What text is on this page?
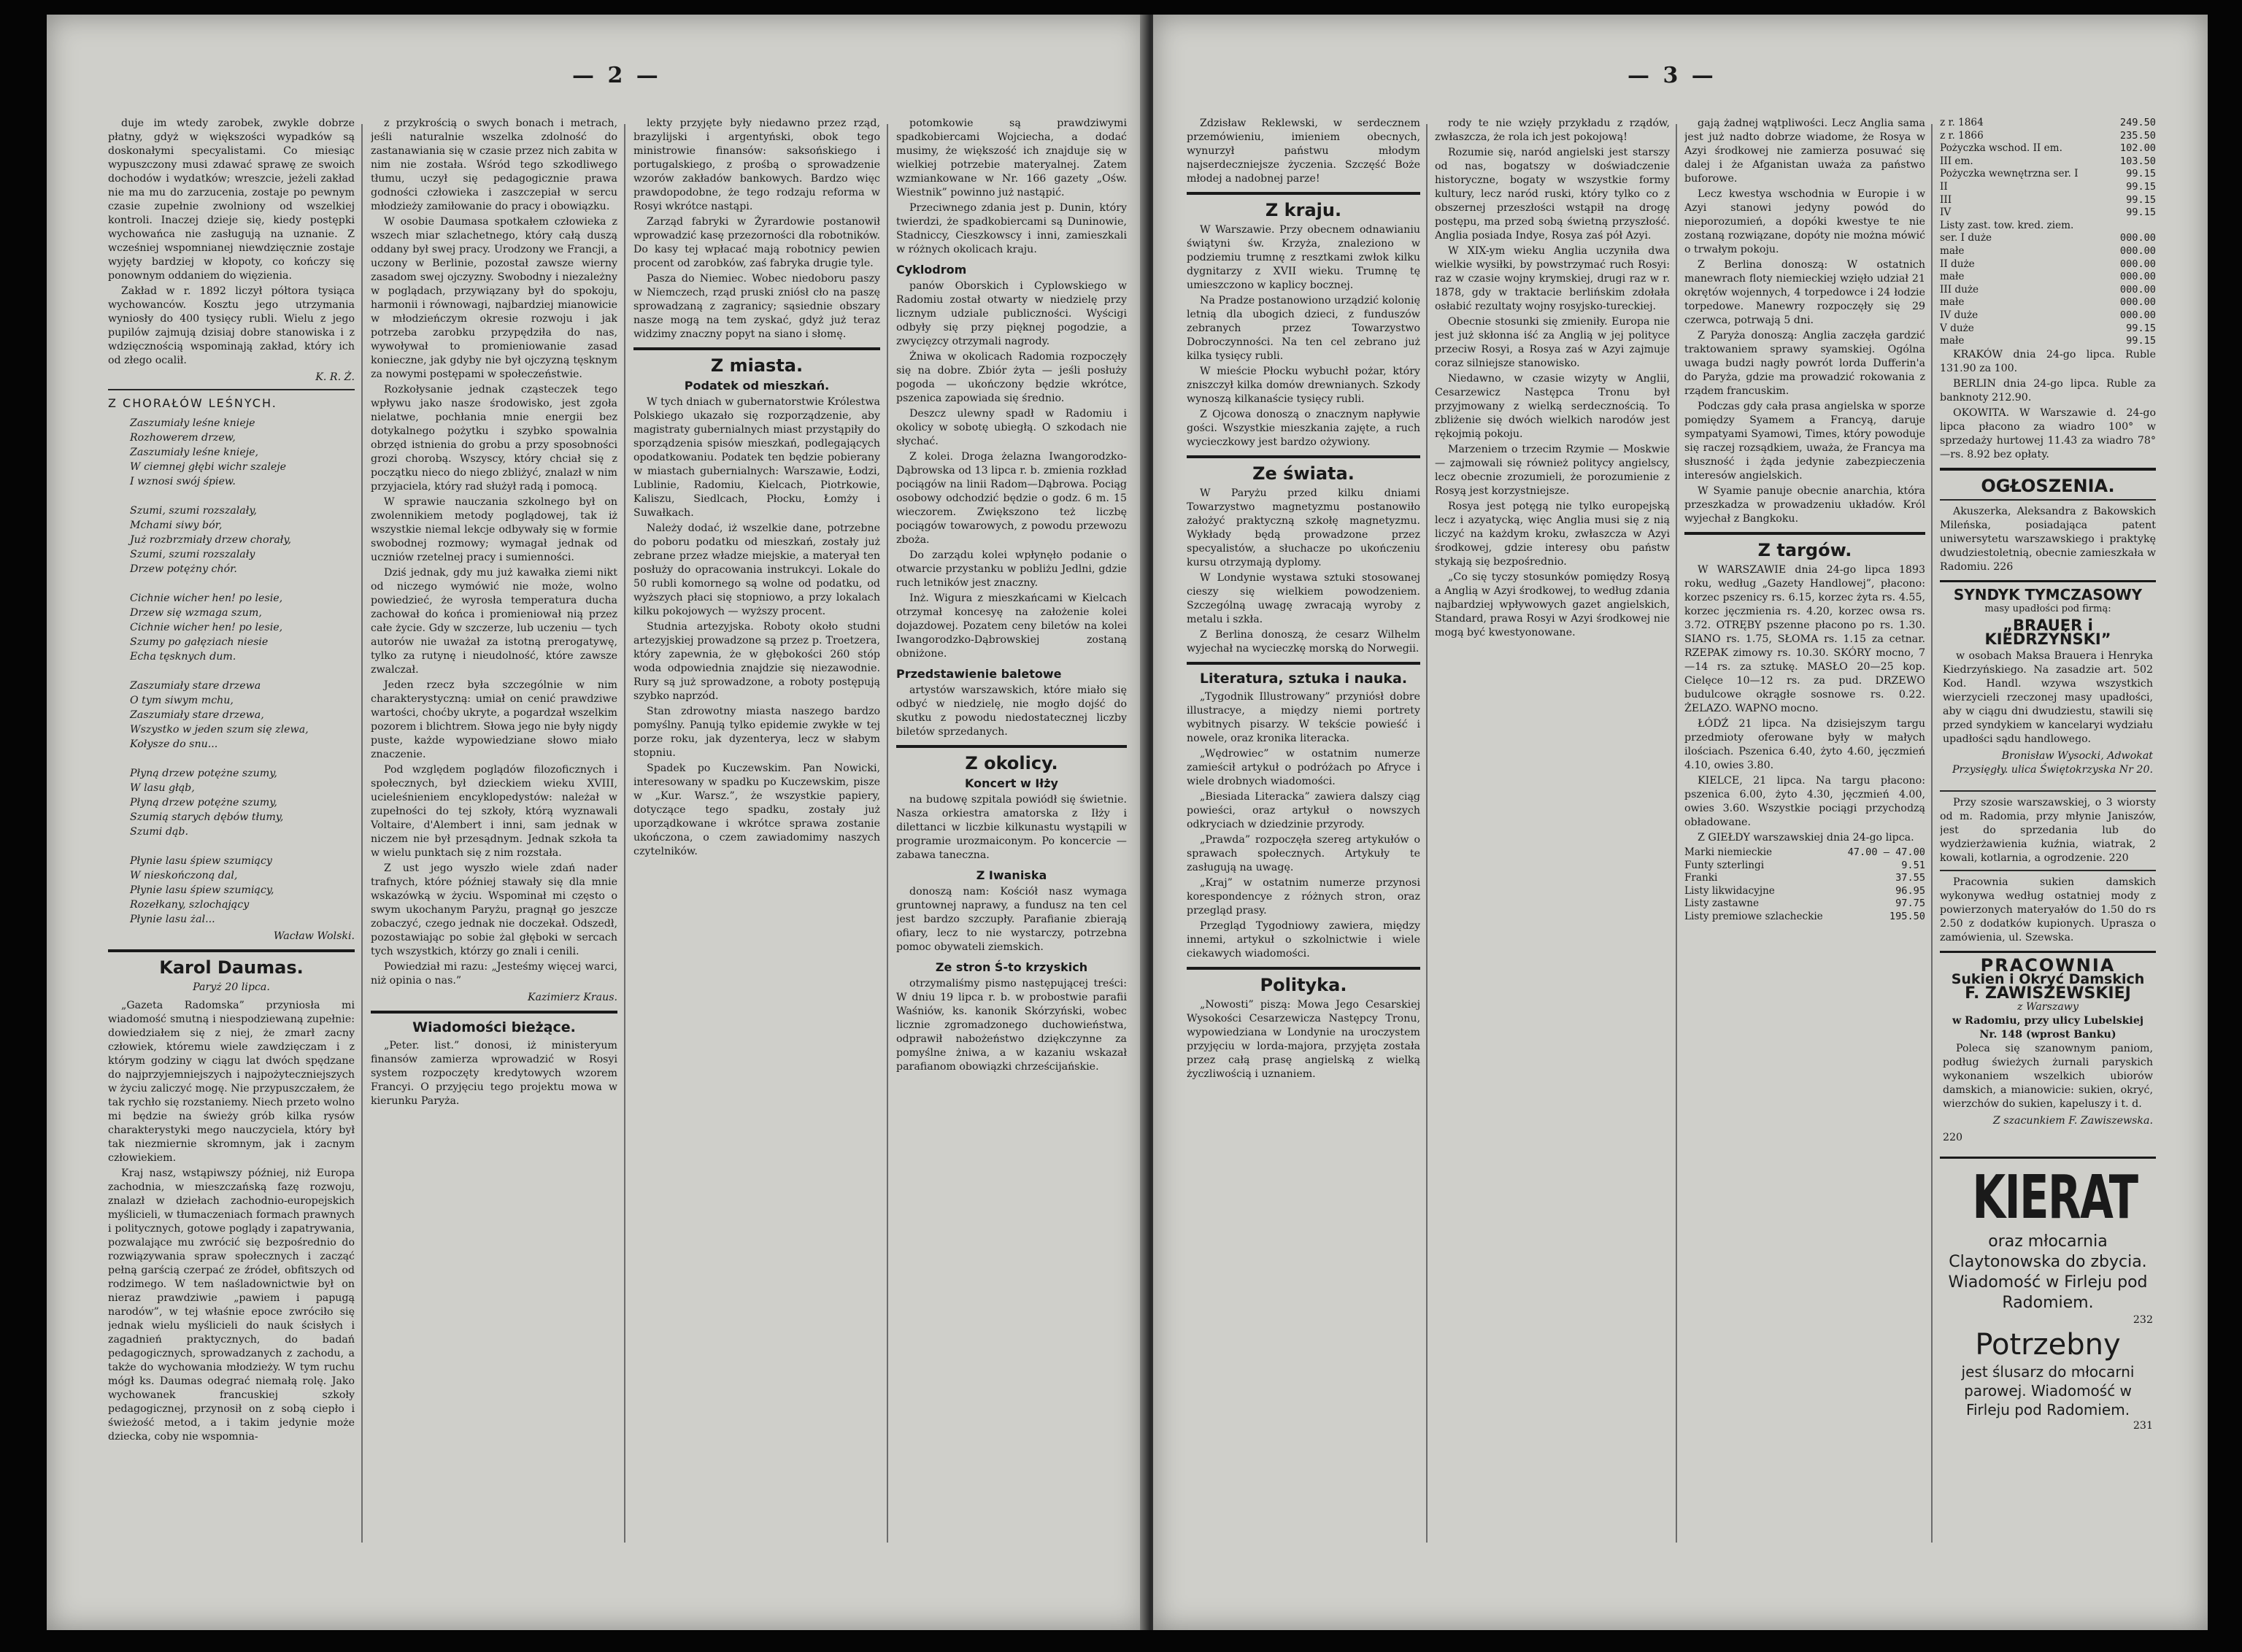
— 2 —

duje im wtedy zarobek, zwykle dobrze płatny, gdyż w większości wypadków są doskonałymi specyalistami. Co miesiąc wypuszczony musi zdawać sprawę ze swoich dochodów i wydatków; wreszcie, jeżeli zakład nie ma mu do zarzucenia, zostaje po pewnym czasie zupełnie zwolniony od wszelkiej kontroli. Inaczej dzieje się, kiedy postępki wychowańca nie zasługują na uznanie. Z wcześniej wspomnianej niewdzięcznie zostaje wyjęty bardziej w kłopoty, co kończy się ponownym oddaniem do więzienia.

Zakład w r. 1892 liczył półtora tysiąca wychowanców. Kosztu jego utrzymania wyniosły do 400 tysięcy rubli. Wielu z jego pupilów zajmują dzisiaj dobre stanowiska i z wdzięcznością wspominają zakład, który ich od złego ocalił.

K. R. Ż.
Z CHORAŁÓW LEŚNYCH.
Zaszumiały leśne knieje
Rozhowerem drzew,
Zaszumiały leśne knieje,
W ciemnej głębi wichr szaleje
I wznosi swój śpiew.

Szumi, szumi rozszalały,
Mchami siwy bór,
Już rozbrzmiały drzew chorały,
Szumi, szumi rozszalały
Drzew potężny chór.

Cichnie wicher hen! po lesie,
Drzew się wzmaga szum,
Cichnie wicher hen! po lesie,
Szumy po gałęziach niesie
Echa tęsknych dum.

Zaszumiały stare drzewa
O tym siwym mchu,
Zaszumiały stare drzewa,
Wszystko w jeden szum się zlewa,
Kołysze do snu...

Płyną drzew potężne szumy,
W lasu głąb,
Płyną drzew potężne szumy,
Szumią starych dębów tłumy,
Szumi dąb.

Płynie lasu śpiew szumiący
W nieskończoną dal,
Płynie lasu śpiew szumiący,
Rozełkany, szlochający
Płynie lasu żal...
Wacław Wolski.
Karol Daumas.
Paryż 20 lipca.

„Gazeta Radomska” przyniosła mi wiadomość smutną i niespodziewaną zupełnie: dowiedziałem się z niej, że zmarł zacny człowiek, któremu wiele zawdzięczam i z którym godziny w ciągu lat dwóch spędzane do najprzyjemniejszych i najpożyteczniejszych w życiu zaliczyć mogę. Nie przypuszczałem, że tak rychło się rozstaniemy. Niech przeto wolno mi będzie na świeży grób kilka rysów charakterystyki mego nauczyciela, który był tak niezmiernie skromnym, jak i zacnym człowiekiem.

Kraj nasz, wstąpiwszy później, niż Europa zachodnia, w mieszczańską fazę rozwoju, znalazł w dziełach zachodnio-europejskich myślicieli, w tłumaczeniach formach prawnych i politycznych, gotowe poglądy i zapatrywania, pozwalające mu zwrócić się bezpośrednio do rozwiązywania spraw społecznych i zacząć pełną garścią czerpać ze źródeł, obfitszych od rodzimego. W tem naśladownictwie był on nieraz prawdziwie „pawiem i papugą narodów”, w tej właśnie epoce zwróciło się jednak wielu myślicieli do nauk ścisłych i zagadnień praktycznych, do badań pedagogicznych, sprowadzanych z zachodu, a także do wychowania młodzieży. W tym ruchu mógł ks. Daumas odegrać niemałą rolę. Jako wychowanek francuskiej szkoły pedagogicznej, przynosił on z sobą ciepło i świeżość metod, a i takim jedynie może dziecka, coby nie wspomnia-

z przykrością o swych bonach i metrach, jeśli naturalnie wszelka zdolność do zastanawiania się w czasie przez nich zabita w nim nie została. Wśród tego szkodliwego tłumu, uczył się pedagogicznie prawa godności człowieka i zaszczepiał w sercu młodzieży zamiłowanie do pracy i obowiązku.

W osobie Daumasa spotkałem człowieka z wszech miar szlachetnego, który całą duszą oddany był swej pracy. Urodzony we Francji, a uczony w Berlinie, pozostał zawsze wierny zasadom swej ojczyzny. Swobodny i niezależny w poglądach, przywiązany był do spokoju, harmonii i równowagi, najbardziej mianowicie w młodzieńczym okresie rozwoju i jak potrzeba zarobku przypędziła do nas, wywoływał to promieniowanie zasad konieczne, jak gdyby nie był ojczyzną tęsknym za nowymi postępami w społeczeństwie.

Rozkołysanie jednak cząsteczek tego wpływu jako nasze środowisko, jest zgoła nielatwe, pochłania mnie energii bez dotykalnego pożytku i szybko spowalnia obrzęd istnienia do grobu a przy sposobności grozi chorobą. Wszyscy, który chciał się z początku nieco do niego zbliżyć, znalazł w nim przyjaciela, który rad służył radą i pomocą.

W sprawie nauczania szkolnego był on zwolennikiem metody poglądowej, tak iż wszystkie niemal lekcje odbywały się w formie swobodnej rozmowy; wymagał jednak od uczniów rzetelnej pracy i sumienności.

Dziś jednak, gdy mu już kawałka ziemi nikt od niczego wymówić nie może, wolno powiedzieć, że wyrosła temperatura ducha zachował do końca i promieniował nią przez całe życie. Gdy w szczerze, lub uczeniu — tych autorów nie uważał za istotną prerogatywę, tylko za rutynę i nieudolność, które zawsze zwalczał.

Jeden rzecz była szczególnie w nim charakterystyczną: umiał on cenić prawdziwe wartości, choćby ukryte, a pogardzał wszelkim pozorem i blichtrem. Słowa jego nie były nigdy puste, każde wypowiedziane słowo miało znaczenie.

Pod względem poglądów filozoficznych i społecznych, był dzieckiem wieku XVIII, ucieleśnieniem encyklopedystów: należał w zupełności do tej szkoły, którą wyznawali Voltaire, d'Alembert i inni, sam jednak w niczem nie był przesądnym. Jednak szkoła ta w wielu punktach się z nim rozstała.

Z ust jego wyszło wiele zdań nader trafnych, które później stawały się dla mnie wskazówką w życiu. Wspominał mi często o swym ukochanym Paryżu, pragnął go jeszcze zobaczyć, czego jednak nie doczekał. Odszedł, pozostawiając po sobie żal głęboki w sercach tych wszystkich, którzy go znali i cenili.

Powiedział mi razu: „Jesteśmy więcej warci, niż opinia o nas.”

Kazimierz Kraus.
Wiadomości bieżące.

„Peter. list.” donosi, iż ministeryum finansów zamierza wprowadzić w Rosyi system rozpoczęty kredytowych wzorem Francyi. O przyjęciu tego projektu mowa w kierunku Paryża.

lekty przyjęte były niedawno przez rząd, brazylijski i argentyński, obok tego ministrowie finansów: saksońskiego i portugalskiego, z prośbą o sprowadzenie wzorów zakładów bankowych. Bardzo więc prawdopodobne, że tego rodzaju reforma w Rosyi wkrótce nastąpi.

Zarząd fabryki w Żyrardowie postanowił wprowadzić kasę przezorności dla robotników. Do kasy tej wpłacać mają robotnicy pewien procent od zarobków, zaś fabryka drugie tyle.

Pasza do Niemiec. Wobec niedoboru paszy w Niemczech, rząd pruski zniósł cło na paszę sprowadzaną z zagranicy; sąsiednie obszary nasze mogą na tem zyskać, gdyż już teraz widzimy znaczny popyt na siano i słomę.

Z miasta.
Podatek od mieszkań.

W tych dniach w gubernatorstwie Królestwa Polskiego ukazało się rozporządzenie, aby magistraty gubernialnych miast przystąpiły do sporządzenia spisów mieszkań, podlegających opodatkowaniu. Podatek ten będzie pobierany w miastach gubernialnych: Warszawie, Łodzi, Lublinie, Radomiu, Kielcach, Piotrkowie, Kaliszu, Siedlcach, Płocku, Łomży i Suwałkach.

Należy dodać, iż wszelkie dane, potrzebne do poboru podatku od mieszkań, zostały już zebrane przez władze miejskie, a materyał ten posłuży do opracowania instrukcyi. Lokale do 50 rubli komornego są wolne od podatku, od wyższych płaci się stopniowo, a przy lokalach kilku pokojowych — wyższy procent.

Studnia artezyjska. Roboty około studni artezyjskiej prowadzone są przez p. Troetzera, który zapewnia, że w głębokości 260 stóp woda odpowiednia znajdzie się niezawodnie. Rury są już sprowadzone, a roboty postępują szybko naprzód.

Stan zdrowotny miasta naszego bardzo pomyślny. Panują tylko epidemie zwykłe w tej porze roku, jak dyzenterya, lecz w słabym stopniu.

Spadek po Kuczewskim. Pan Nowicki, interesowany w spadku po Kuczewskim, pisze w „Kur. Warsz.”, że wszystkie papiery, dotyczące tego spadku, zostały już uporządkowane i wkrótce sprawa zostanie ukończona, o czem zawiadomimy naszych czytelników.

potomkowie są prawdziwymi spadkobiercami Wojciecha, a dodać musimy, że większość ich znajduje się w wielkiej potrzebie materyalnej. Zatem wzmiankowane w Nr. 166 gazety „Ośw. Wiestnik” powinno już nastąpić.

Przeciwnego zdania jest p. Dunin, który twierdzi, że spadkobiercami są Duninowie, Stadniccy, Cieszkowscy i inni, zamieszkali w różnych okolicach kraju.

Cyklodrom

panów Oborskich i Cyplowskiego w Radomiu został otwarty w niedzielę przy licznym udziale publiczności. Wyścigi odbyły się przy pięknej pogodzie, a zwycięzcy otrzymali nagrody.

Żniwa w okolicach Radomia rozpoczęły się na dobre. Zbiór żyta — jeśli posłuży pogoda — ukończony będzie wkrótce, pszenica zapowiada się średnio.

Deszcz ulewny spadł w Radomiu i okolicy w sobotę ubiegłą. O szkodach nie słychać.

Z kolei. Droga żelazna Iwangorodzko-Dąbrowska od 13 lipca r. b. zmienia rozkład pociągów na linii Radom—Dąbrowa. Pociąg osobowy odchodzić będzie o godz. 6 m. 15 wieczorem. Zwiększono też liczbę pociągów towarowych, z powodu przewozu zboża.

Do zarządu kolei wpłynęło podanie o otwarcie przystanku w pobliżu Jedlni, gdzie ruch letników jest znaczny.

Inż. Wigura z mieszkańcami w Kielcach otrzymał koncesyę na założenie kolei dojazdowej. Pozatem ceny biletów na kolei Iwangorodzko-Dąbrowskiej zostaną obniżone.

Przedstawienie baletowe

artystów warszawskich, które miało się odbyć w niedzielę, nie mogło dojść do skutku z powodu niedostatecznej liczby biletów sprzedanych.

Z okolicy.
Koncert w Iłży

na budowę szpitala powiódł się świetnie. Nasza orkiestra amatorska z Iłży i dilettanci w liczbie kilkunastu wystąpili w programie urozmaiconym. Po koncercie — zabawa taneczna.

Z Iwaniska

donoszą nam: Kościół nasz wymaga gruntownej naprawy, a fundusz na ten cel jest bardzo szczupły. Parafianie zbierają ofiary, lecz to nie wystarczy, potrzebna pomoc obywateli ziemskich.

Ze stron Ś-to krzyskich

otrzymaliśmy pismo następującej treści: W dniu 19 lipca r. b. w probostwie parafii Waśniów, ks. kanonik Skórzyński, wobec licznie zgromadzonego duchowieństwa, odprawił nabożeństwo dziękczynne za pomyślne żniwa, a w kazaniu wskazał parafianom obowiązki chrześcijańskie.

— 3 —

Zdzisław Reklewski, w serdecznem przemówieniu, imieniem obecnych, wynurzył państwu młodym najserdeczniejsze życzenia. Szczęść Boże młodej a nadobnej parze!

Z kraju.

W Warszawie. Przy obecnem odnawianiu świątyni św. Krzyża, znaleziono w podziemiu trumnę z resztkami zwłok kilku dygnitarzy z XVII wieku. Trumnę tę umieszczono w kaplicy bocznej.

Na Pradze postanowiono urządzić kolonię letnią dla ubogich dzieci, z funduszów zebranych przez Towarzystwo Dobroczynności. Na ten cel zebrano już kilka tysięcy rubli.

W mieście Płocku wybuchł pożar, który zniszczył kilka domów drewnianych. Szkody wynoszą kilkanaście tysięcy rubli.

Z Ojcowa donoszą o znacznym napływie gości. Wszystkie mieszkania zajęte, a ruch wycieczkowy jest bardzo ożywiony.

Ze świata.

W Paryżu przed kilku dniami Towarzystwo magnetyzmu postanowiło założyć praktyczną szkołę magnetyzmu. Wykłady będą prowadzone przez specyalistów, a słuchacze po ukończeniu kursu otrzymają dyplomy.

W Londynie wystawa sztuki stosowanej cieszy się wielkiem powodzeniem. Szczególną uwagę zwracają wyroby z metalu i szkła.

Z Berlina donoszą, że cesarz Wilhelm wyjechał na wycieczkę morską do Norwegii.

Literatura, sztuka i nauka.

„Tygodnik Illustrowany” przyniósł dobre illustracye, a między niemi portrety wybitnych pisarzy. W tekście powieść i nowele, oraz kronika literacka.

„Wędrowiec” w ostatnim numerze zamieścił artykuł o podróżach po Afryce i wiele drobnych wiadomości.

„Biesiada Literacka” zawiera dalszy ciąg powieści, oraz artykuł o nowszych odkryciach w dziedzinie przyrody.

„Prawda” rozpoczęła szereg artykułów o sprawach społecznych. Artykuły te zasługują na uwagę.

„Kraj” w ostatnim numerze przynosi korespondencye z różnych stron, oraz przegląd prasy.

Przegląd Tygodniowy zawiera, między innemi, artykuł o szkolnictwie i wiele ciekawych wiadomości.

Polityka.

„Nowosti” piszą: Mowa Jego Cesarskiej Wysokości Cesarzewicza Następcy Tronu, wypowiedziana w Londynie na uroczystem przyjęciu w lorda-majora, przyjęta została przez całą prasę angielską z wielką życzliwością i uznaniem.

rody te nie wzięły przykładu z rządów, zwłaszcza, że rola ich jest pokojową!

Rozumie się, naród angielski jest starszy od nas, bogatszy w doświadczenie historyczne, bogaty w wszystkie formy kultury, lecz naród ruski, który tylko co z obszernej przeszłości wstąpił na drogę postępu, ma przed sobą świetną przyszłość. Anglia posiada Indye, Rosya zaś pół Azyi.

W XIX-ym wieku Anglia uczyniła dwa wielkie wysiłki, by powstrzymać ruch Rosyi: raz w czasie wojny krymskiej, drugi raz w r. 1878, gdy w traktacie berlińskim zdołała osłabić rezultaty wojny rosyjsko-tureckiej.

Obecnie stosunki się zmieniły. Europa nie jest już skłonna iść za Anglią w jej polityce przeciw Rosyi, a Rosya zaś w Azyi zajmuje coraz silniejsze stanowisko.

Niedawno, w czasie wizyty w Anglii, Cesarzewicz Następca Tronu był przyjmowany z wielką serdecznością. To zbliżenie się dwóch wielkich narodów jest rękojmią pokoju.

Marzeniem o trzecim Rzymie — Moskwie — zajmowali się również politycy angielscy, lecz obecnie zrozumieli, że porozumienie z Rosyą jest korzystniejsze.

Rosya jest potęgą nie tylko europejską lecz i azyatycką, więc Anglia musi się z nią liczyć na każdym kroku, zwłaszcza w Azyi środkowej, gdzie interesy obu państw stykają się bezpośrednio.

„Co się tyczy stosunków pomiędzy Rosyą a Anglią w Azyi środkowej, to według zdania najbardziej wpływowych gazet angielskich, Standard, prawa Rosyi w Azyi środkowej nie mogą być kwestyonowane.

gają żadnej wątpliwości. Lecz Anglia sama jest już nadto dobrze wiadome, że Rosya w Azyi środkowej nie zamierza posuwać się dalej i że Afganistan uważa za państwo buforowe.

Lecz kwestya wschodnia w Europie i w Azyi stanowi jedyny powód do nieporozumień, a dopóki kwestye te nie zostaną rozwiązane, dopóty nie można mówić o trwałym pokoju.

Z Berlina donoszą: W ostatnich manewrach floty niemieckiej wzięło udział 21 okrętów wojennych, 4 torpedowce i 24 łodzie torpedowe. Manewry rozpoczęły się 29 czerwca, potrwają 5 dni.

Z Paryża donoszą: Anglia zaczęła gardzić traktowaniem sprawy syamskiej. Ogólna uwaga budzi nagły powrót lorda Dufferin'a do Paryża, gdzie ma prowadzić rokowania z rządem francuskim.

Podczas gdy cała prasa angielska w sporze pomiędzy Syamem a Francyą, daruje sympatyami Syamowi, Times, który powoduje się raczej rozsądkiem, uważa, że Francya ma słuszność i żąda jedynie zabezpieczenia interesów angielskich.

W Syamie panuje obecnie anarchia, która przeszkadza w prowadzeniu układów. Król wyjechał z Bangkoku.

Z targów.

W WARSZAWIE dnia 24-go lipca 1893 roku, według „Gazety Handlowej”, płacono: korzec pszenicy rs. 6.15, korzec żyta rs. 4.55, korzec jęczmienia rs. 4.20, korzec owsa rs. 3.72. OTRĘBY pszenne płacono po rs. 1.30. SIANO rs. 1.75, SŁOMA rs. 1.15 za cetnar. RZEPAK zimowy rs. 10.30. SKÓRY mocno, 7—14 rs. za sztukę. MASŁO 20—25 kop. Cielęce 10—12 rs. za pud. DRZEWO budulcowe okrągłe sosnowe rs. 0.22. ŻELAZO. WAPNO mocno.

ŁÓDŹ 21 lipca. Na dzisiejszym targu przedmioty oferowane były w małych ilościach. Pszenica 6.40, żyto 4.60, jęczmień 4.10, owies 3.80.

KIELCE, 21 lipca. Na targu płacono: pszenica 6.00, żyto 4.30, jęczmień 4.00, owies 3.60. Wszystkie pociągi przychodzą obładowane.

Z GIEŁDY warszawskiej dnia 24-go lipca.

Marki niemieckie	47.00 — 47.00
Funty szterlingi	9.51
Franki	37.55
Listy likwidacyjne	96.95
Listy zastawne	97.75
Listy premiowe szlacheckie	195.50
z r. 1864	249.50
z r. 1866	235.50
Pożyczka wschod. II em.	102.00
III em.	103.50
Pożyczka wewnętrzna ser. I	99.15
II	99.15
III	99.15
IV	99.15
Listy zast. tow. kred. ziem.
ser. I duże	000.00
małe	000.00
II duże	000.00
małe	000.00
III duże	000.00
małe	000.00
IV duże	000.00
V duże	99.15
małe	99.15

KRAKÓW dnia 24-go lipca. Ruble 131.90 za 100.

BERLIN dnia 24-go lipca. Ruble za banknoty 212.90.

OKOWITA. W Warszawie d. 24-go lipca płacono za wiadro 100° w sprzedaży hurtowej 11.43 za wiadro 78°—rs. 8.92 bez opłaty.

OGŁOSZENIA.

Akuszerka, Aleksandra z Bakowskich Mileńska, posiadająca patent uniwersytetu warszawskiego i praktykę dwudziestoletnią, obecnie zamieszkała w Radomiu. 226

SYNDYK TYMCZASOWY
masy upadłości pod firmą:
„BRAUER i KIEDRZYŃSKI”

w osobach Maksa Brauera i Henryka Kiedrzyńskiego. Na zasadzie art. 502 Kod. Handl. wzywa wszystkich wierzycieli rzeczonej masy upadłości, aby w ciągu dni dwudziestu, stawili się przed syndykiem w kancelaryi wydziału upadłości sądu handlowego.

Bronisław Wysocki, Adwokat Przysięgły. ulica Świętokrzyska Nr 20.

Przy szosie warszawskiej, o 3 wiorsty od m. Radomia, przy młynie Janiszów, jest do sprzedania lub do wydzierżawienia kuźnia, wiatrak, 2 kowali, kotlarnia, a ogrodzenie. 220

Pracownia sukien damskich wykonywa według ostatniej mody z powierzonych materyałów do 1.50 do rs 2.50 z dodatków kupionych. Uprasza o zamówienia, ul. Szewska.

PRACOWNIA
Sukien i Okryć Damskich
F. ZAWISZEWSKIEJ
z Warszawy
w Radomiu, przy ulicy Lubelskiej Nr. 148 (wprost Banku)

Poleca się szanownym paniom, podług świeżych żurnali paryskich wykonaniem wszelkich ubiorów damskich, a mianowicie: sukien, okryć, wierzchów do sukien, kapeluszy i t. d.

Z szacunkiem F. Zawiszewska.
220
KIERAT
oraz młocarnia Claytonowska do zbycia. Wiadomość w Firleju pod Radomiem.
232
Potrzebny
jest ślusarz do młocarni parowej. Wiadomość w Firleju pod Radomiem.
231
